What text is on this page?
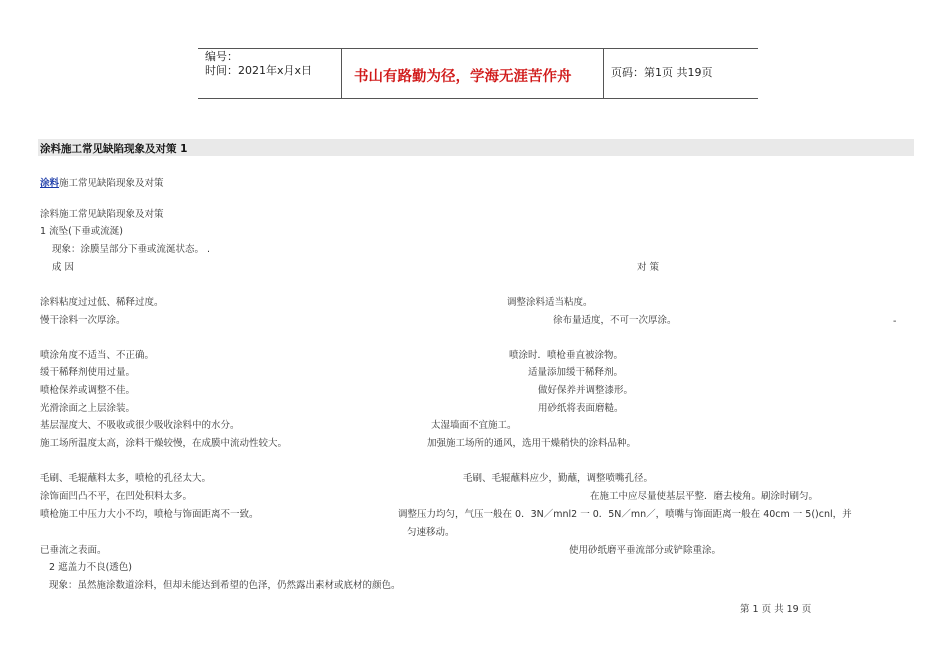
编号：
时间：2021年x月x日	书山有路勤为径，学海无涯苦作舟	页码：第1页 共19页
涂料施工常见缺陷现象及对策 1
涂料施工常见缺陷现象及对策
涂料施工常见缺陷现象及对策
1 流坠(下垂或流涎)
现象：涂膜呈部分下垂或流涎状态。 .
成 因	对 策
涂料粘度过过低、稀释过度。	调整涂料适当粘度。
慢干涂料一次厚涂。	徐布量适度，不可一次厚涂。	-
喷涂角度不适当、不正确。	喷涂时．喷枪垂直被涂物。
缓干稀释剂使用过量。	适量添加缓干稀释剂。
喷枪保养或调整不佳。	做好保养并调整漆形。
光滑涂面之上层涂装。	用砂纸将表面磨糙。
基层湿度大、不吸收或很少吸收涂料中的水分。	太湿墙面不宜施工。
施工场所温度太高，涂料干燥较慢，在成膜中流动性较大。	加强施工场所的通风，选用干燥稍快的涂料品种。
毛刷、毛辊蘸料太多，喷枪的孔径太大。	毛刷、毛辊蘸料应少，勤蘸，调整喷嘴孔径。
涂饰面凹凸不平，在凹处积料太多。	在施工中应尽量使基层平整．磨去棱角。刷涂时刷匀。
喷枪施工中压力大小不均，喷枪与饰面距离不一致。	调整压力均匀，气压一般在 0．3N／mnl2 一 0．5N／mn／，喷嘴与饰面距离一般在 40cm 一 5()cnl，并
匀速移动。
已垂流之表面。	使用砂纸磨平垂流部分或铲除重涂。
2 遮盖力不良(透色)
现象：虽然施涂数道涂料，但却未能达到希望的色泽，仍然露出素材或底材的颜色。
第 1 页 共 19 页
